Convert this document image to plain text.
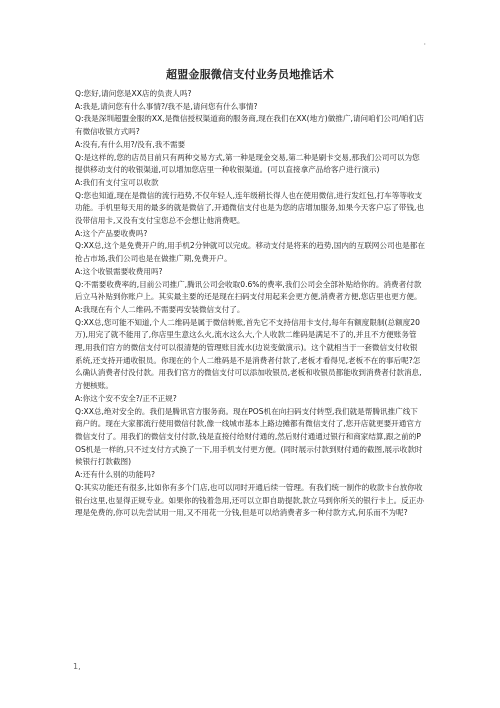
·
超盟金服微信支付业务员地推话术

Q:您好,请问您是XX店的负责人吗?

A:我是,请问您有什么事情?/我不是,请问您有什么事情?

Q:我是深圳超盟金服的XX,是微信授权渠道商的服务商,现在我们在XX(地方)做推广,请问咱们公司/咱们店有微信收银方式吗?

A:没有,有什么用?/没有,我不需要

Q:是这样的,您的店员目前只有两种交易方式,第一种是现金交易,第二种是刷卡交易,那我们公司可以为您提供移动支付的收银渠道,可以增加您店里一种收银渠道。(可以直接拿产品给客户进行演示)

A:我们有支付宝可以收款

Q:您也知道,现在是微信的流行趋势,不仅年轻人,连年级稍长得人也在使用微信,进行发红包,打车等等收支功能。手机里每天用的最多的就是微信了,开通微信支付也是为您的店增加服务,如果今天客户忘了带钱,也没带信用卡,又没有支付宝您总不会想让他消费吧。

A:这个产品要收费吗?

Q:XX总,这个是免费开户的,用手机2分钟就可以完成。移动支付是将来的趋势,国内的互联网公司也是都在抢占市场,我们公司也是在做推广期,免费开户。

A:这个收银需要收费用吗?

Q:不需要收费率的,目前公司推广,腾讯公司会收取0.6%的费率,我们公司会全部补贴给你的。消费者付款后立马补贴到你账户上。其实最主要的还是现在扫码支付用起来会更方便,消费者方便,您店里也更方便。

A:我现在有个人二维码,不需要再安装微信支付了。

Q:XX总,您可能不知道,个人二维码是属于微信转账,首先它不支持信用卡支付,每年有额度限制(总额度20万),用完了就不能用了,你店里生意这么火,流水这么大,个人收款二维码是满足不了的,并且不方便账务管理,用我们官方的微信支付可以很清楚的管理账目流水(边说变做演示)。这个就相当于一套微信支付收银系统,还支持开通收银员。你现在的个人二维码是不是消费者付款了,老板才看得见,老板不在的事后呢?怎么确认消费者付没付款。用我们官方的微信支付可以添加收银员,老板和收银员都能收到消费者付款消息,方便核账。

A:你这个安不安全?/正不正规?

Q:XX总,绝对安全的。我们是腾讯官方服务商。现在POS机在向扫码支付转型,我们就是帮腾讯推广线下商户的。现在大家都流行使用微信付款,像一线城市基本上路边摊都有微信支付了,您开店就更要开通官方微信支付了。用我们的微信支付付款,钱是直接付给财付通的,然后财付通通过银行和商家结算,跟之前的POS机是一样的,只不过支付方式换了一下,用手机支付更方便。(同时展示付款到财付通的截图,展示收款时候银行打款截图)

A:还有什么别的功能吗?

Q:其实功能还有很多,比如你有多个门店,也可以同时开通后续一管理。有我们统一制作的收款卡台放你收银台这里,也显得正规专业。如果你的钱着急用,还可以立即自助提款,款立马到你所关的银行卡上。反正办理是免费的,你可以先尝试用一用,又不用花一分钱,但是可以给消费者多一种付款方式,何乐而不为呢?

1,
